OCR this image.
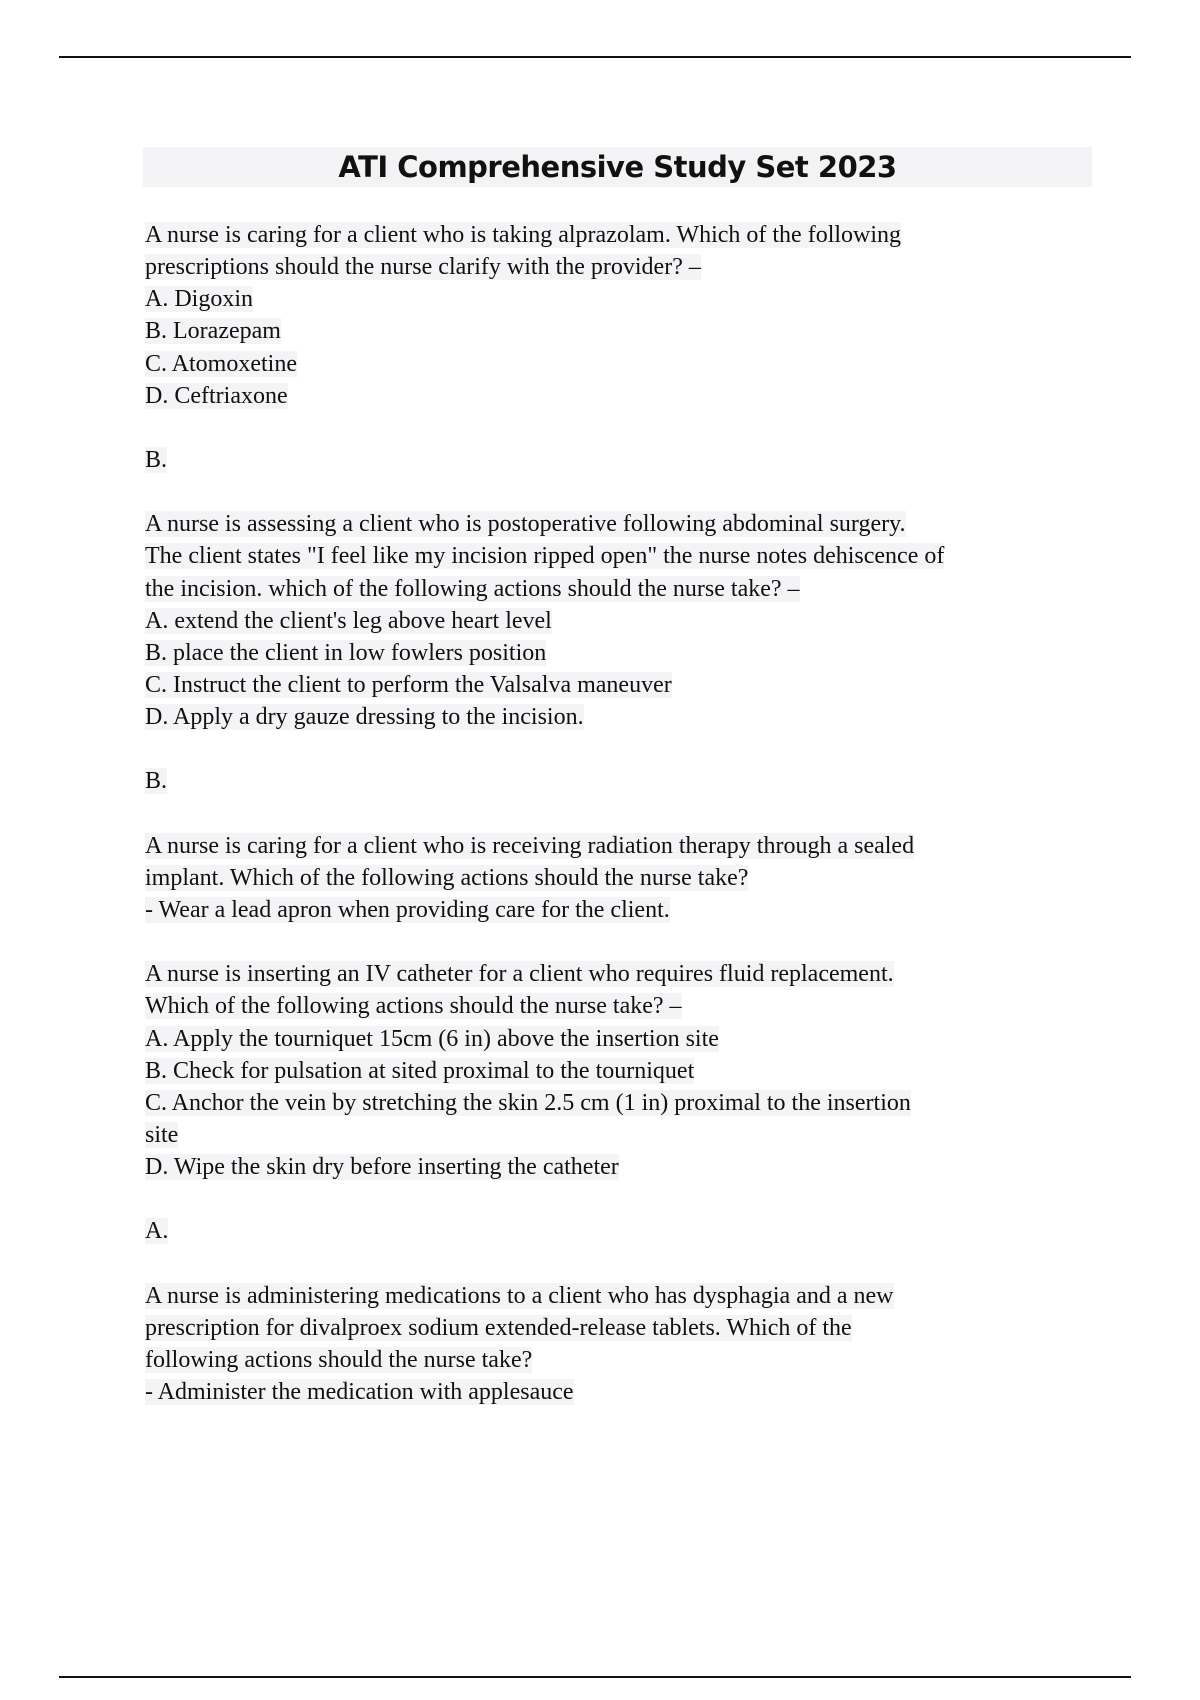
ATI Comprehensive Study Set 2023
A nurse is caring for a client who is taking alprazolam. Which of the following
prescriptions should the nurse clarify with the provider? –
A. Digoxin
B. Lorazepam
C. Atomoxetine
D. Ceftriaxone
B.
A nurse is assessing a client who is postoperative following abdominal surgery.
The client states "I feel like my incision ripped open" the nurse notes dehiscence of
the incision. which of the following actions should the nurse take? –
A. extend the client's leg above heart level
B. place the client in low fowlers position
C. Instruct the client to perform the Valsalva maneuver
D. Apply a dry gauze dressing to the incision.
B.
A nurse is caring for a client who is receiving radiation therapy through a sealed
implant. Which of the following actions should the nurse take?
- Wear a lead apron when providing care for the client.
A nurse is inserting an IV catheter for a client who requires fluid replacement.
Which of the following actions should the nurse take? –
A. Apply the tourniquet 15cm (6 in) above the insertion site
B. Check for pulsation at sited proximal to the tourniquet
C. Anchor the vein by stretching the skin 2.5 cm (1 in) proximal to the insertion
site
D. Wipe the skin dry before inserting the catheter
A.
A nurse is administering medications to a client who has dysphagia and a new
prescription for divalproex sodium extended-release tablets. Which of the
following actions should the nurse take?
- Administer the medication with applesauce
